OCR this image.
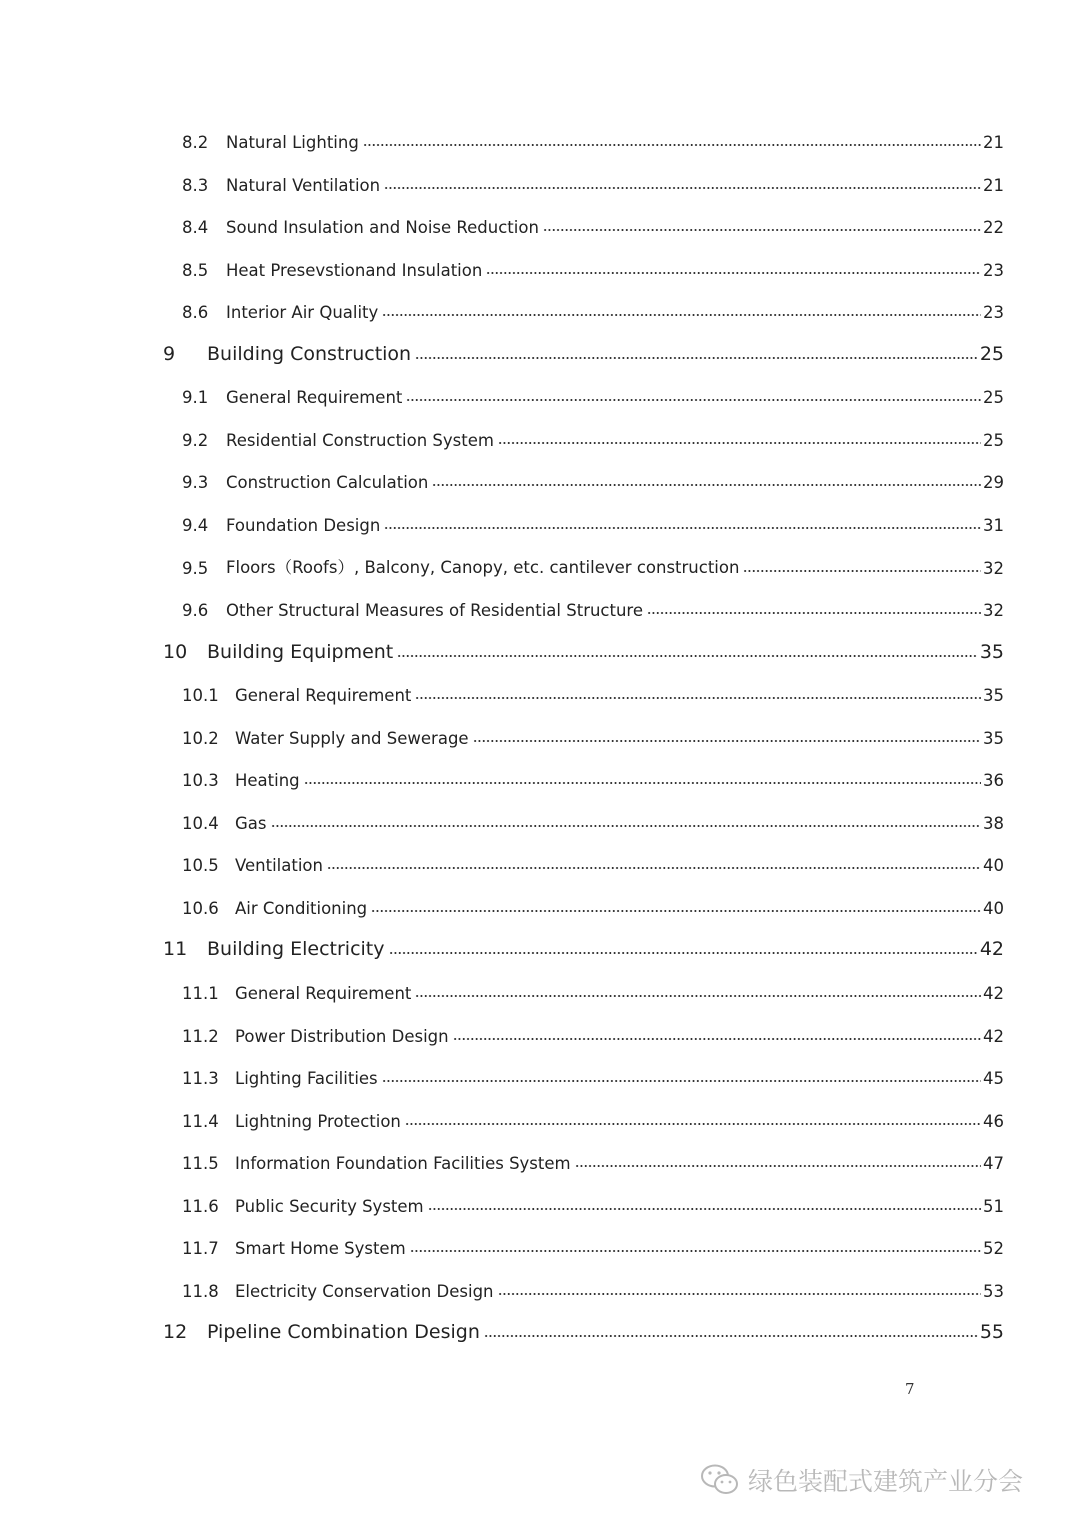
8.2	Natural Lighting	21
8.3	Natural Ventilation	21
8.4	Sound Insulation and Noise Reduction	22
8.5	Heat Presevstionand Insulation	23
8.6	Interior Air Quality	23
9	Building Construction	25
9.1	General Requirement	25
9.2	Residential Construction System	25
9.3	Construction Calculation	29
9.4	Foundation Design	31
9.5	Floors（Roofs）, Balcony, Canopy, etc. cantilever construction	32
9.6	Other Structural Measures of Residential Structure	32
10	Building Equipment	35
10.1 General Requirement	35
10.2 Water Supply and Sewerage	35
10.3 Heating	36
10.4 Gas	38
10.5 Ventilation	40
10.6 Air Conditioning	40
11	Building Electricity	42
11.1 General Requirement	42
11.2 Power Distribution Design	42
11.3 Lighting Facilities	45
11.4 Lightning Protection	46
11.5 Information Foundation Facilities System	47
11.6 Public Security System	51
11.7 Smart Home System	52
11.8 Electricity Conservation Design	53
12	Pipeline Combination Design	55
7
绿色装配式建筑产业分会
